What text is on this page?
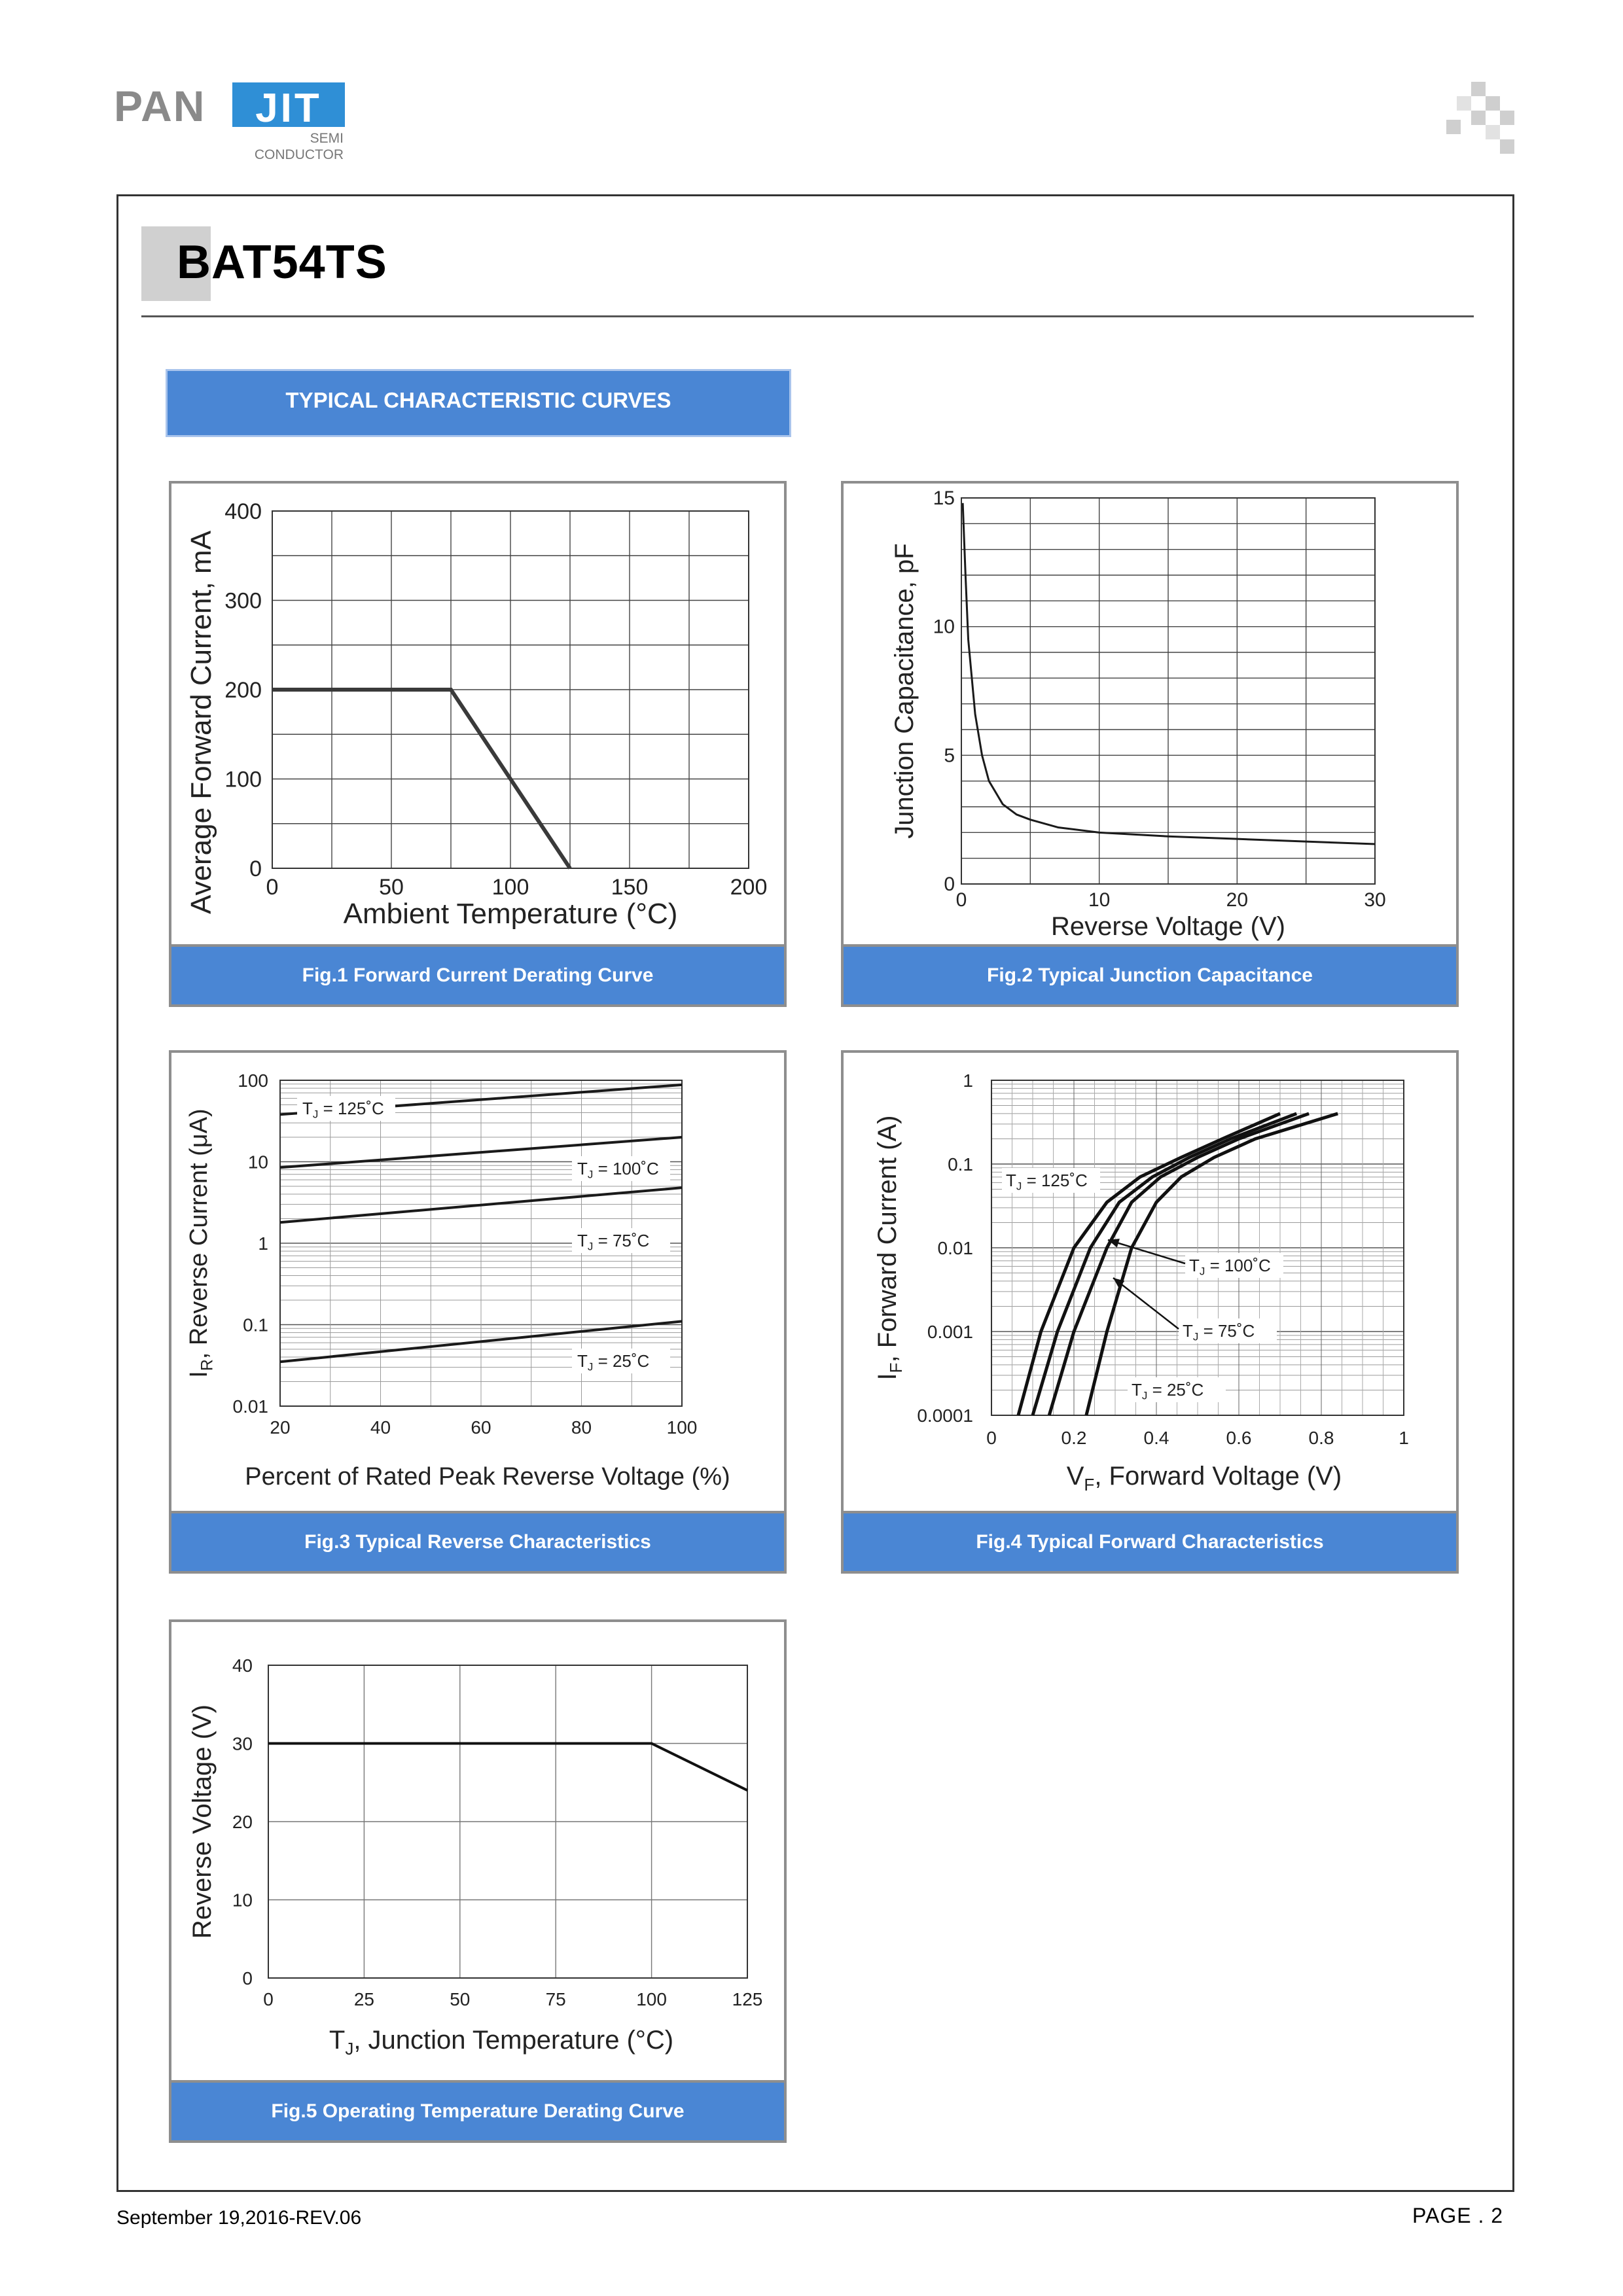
PAN JIT
SEMI
CONDUCTOR
BAT54TS
TYPICAL CHARACTERISTIC CURVES
0	50	100	150	200
0
100
200
300
400
Ambient Temperature (°C)
Average Forward Current, mA
Fig.1 Forward Current Derating Curve
0	10	20	30
0
5
10
15
Reverse Voltage (V)
Junction Capacitance, pF
Fig.2 Typical Junction Capacitance
20	40	60	80	100
0.01
0.1
1
10
100
Percent of Rated Peak Reverse Voltage (%)
$I_R$, Reverse Current (μA)
$T_J$ = 125˚C
$T_J$ = 100˚C
$T_J$ = 75˚C
$T_J$ = 25˚C
Fig.3 Typical Reverse Characteristics
0	0.2	0.4	0.6	0.8	1
0.0001
0.001
0.01
0.1
1
$V_F$, Forward Voltage (V)
$I_F$, Forward Current (A)	$T_J$ = 125˚C
$T_J$ = 100˚C
$T_J$ = 75˚C
$T_J$ = 25˚C
Fig.4 Typical Forward Characteristics
0	25	50	75	100	125
0
10
20
30
40
$T_J$, Junction Temperature (°C)
Reverse Voltage (V)
Fig.5 Operating Temperature Derating Curve
September 19,2016-REV.06	PAGE . 2
